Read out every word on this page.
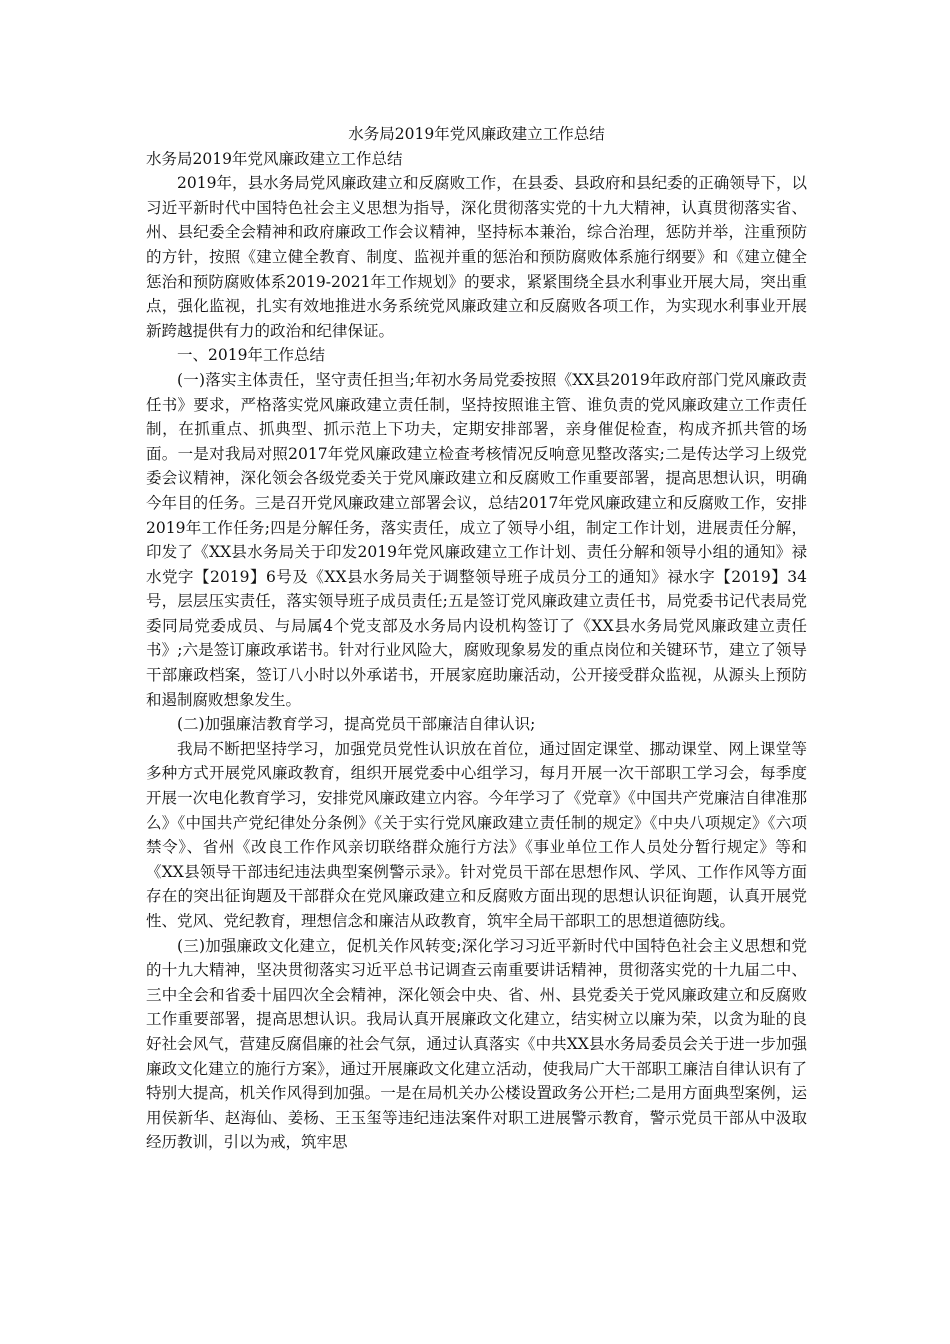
水务局2019年党风廉政建立工作总结

水务局2019年党风廉政建立工作总结

2019年，县水务局党风廉政建立和反腐败工作，在县委、县政府和县纪委的正确领导下，以习近平新时代中国特色社会主义思想为指导，深化贯彻落实党的十九大精神，认真贯彻落实省、州、县纪委全会精神和政府廉政工作会议精神，坚持标本兼治，综合治理，惩防并举，注重预防的方针，按照《建立健全教育、制度、监视并重的惩治和预防腐败体系施行纲要》和《建立健全惩治和预防腐败体系2019-2021年工作规划》的要求，紧紧围绕全县水利事业开展大局，突出重点，强化监视，扎实有效地推进水务系统党风廉政建立和反腐败各项工作，为实现水利事业开展新跨越提供有力的政治和纪律保证。

一、2019年工作总结

(一)落实主体责任，坚守责任担当;年初水务局党委按照《XX县2019年政府部门党风廉政责任书》要求，严格落实党风廉政建立责任制，坚持按照谁主管、谁负责的党风廉政建立工作责任制，在抓重点、抓典型、抓示范上下功夫，定期安排部署，亲身催促检查，构成齐抓共管的场面。一是对我局对照2017年党风廉政建立检查考核情况反响意见整改落实;二是传达学习上级党委会议精神，深化领会各级党委关于党风廉政建立和反腐败工作重要部署，提高思想认识，明确今年目的任务。三是召开党风廉政建立部署会议，总结2017年党风廉政建立和反腐败工作，安排2019年工作任务;四是分解任务，落实责任，成立了领导小组，制定工作计划，进展责任分解，印发了《XX县水务局关于印发2019年党风廉政建立工作计划、责任分解和领导小组的通知》禄水党字【2019】6号及《XX县水务局关于调整领导班子成员分工的通知》禄水字【2019】34号，层层压实责任，落实领导班子成员责任;五是签订党风廉政建立责任书，局党委书记代表局党委同局党委成员、与局属4个党支部及水务局内设机构签订了《XX县水务局党风廉政建立责任书》;六是签订廉政承诺书。针对行业风险大，腐败现象易发的重点岗位和关键环节，建立了领导干部廉政档案，签订八小时以外承诺书，开展家庭助廉活动，公开接受群众监视，从源头上预防和遏制腐败想象发生。

(二)加强廉洁教育学习，提高党员干部廉洁自律认识;

我局不断把坚持学习，加强党员党性认识放在首位，通过固定课堂、挪动课堂、网上课堂等多种方式开展党风廉政教育，组织开展党委中心组学习，每月开展一次干部职工学习会，每季度开展一次电化教育学习，安排党风廉政建立内容。今年学习了《党章》《中国共产党廉洁自律准那么》《中国共产党纪律处分条例》《关于实行党风廉政建立责任制的规定》《中央八项规定》《六项禁令》、省州《改良工作作风亲切联络群众施行方法》《事业单位工作人员处分暂行规定》等和《XX县领导干部违纪违法典型案例警示录》。针对党员干部在思想作风、学风、工作作风等方面存在的突出征询题及干部群众在党风廉政建立和反腐败方面出现的思想认识征询题，认真开展党性、党风、党纪教育，理想信念和廉洁从政教育，筑牢全局干部职工的思想道德防线。

(三)加强廉政文化建立，促机关作风转变;深化学习习近平新时代中国特色社会主义思想和党的十九大精神，坚决贯彻落实习近平总书记调查云南重要讲话精神，贯彻落实党的十九届二中、三中全会和省委十届四次全会精神，深化领会中央、省、州、县党委关于党风廉政建立和反腐败工作重要部署，提高思想认识。我局认真开展廉政文化建立，结实树立以廉为荣，以贪为耻的良好社会风气，营建反腐倡廉的社会气氛，通过认真落实《中共XX县水务局委员会关于进一步加强廉政文化建立的施行方案》，通过开展廉政文化建立活动，使我局广大干部职工廉洁自律认识有了特别大提高，机关作风得到加强。一是在局机关办公楼设置政务公开栏;二是用方面典型案例，运用侯新华、赵海仙、姜杨、王玉玺等违纪违法案件对职工进展警示教育，警示党员干部从中汲取经历教训，引以为戒，筑牢思
